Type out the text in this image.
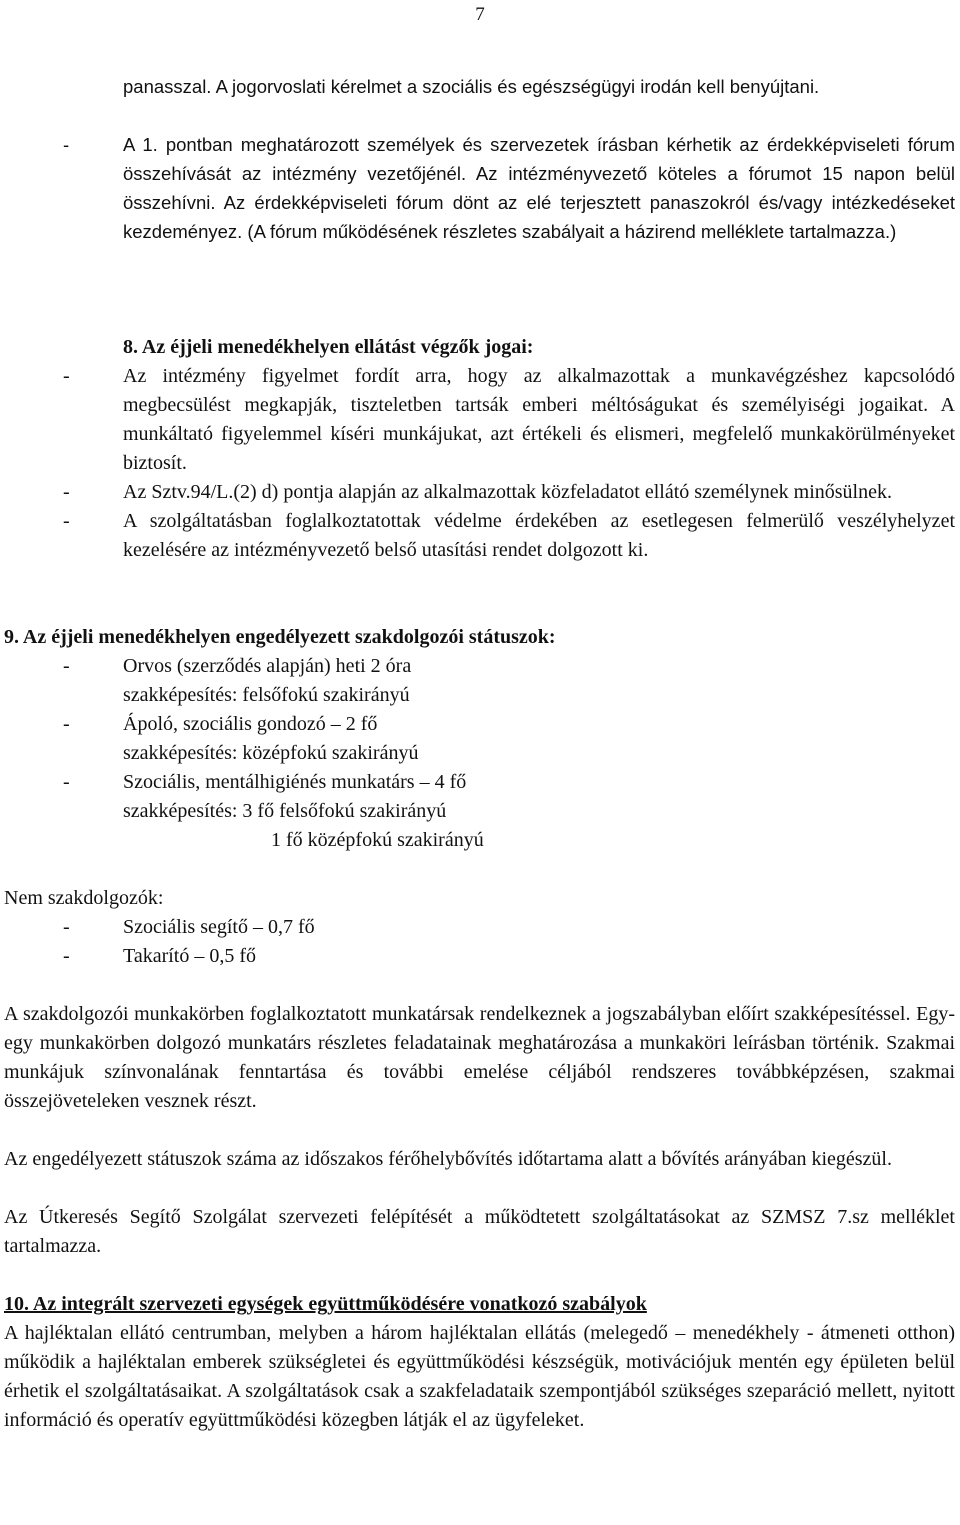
7

panasszal. A jogorvoslati kérelmet a szociális és egészségügyi irodán kell benyújtani.

-	A 1. pontban meghatározott személyek és szervezetek írásban kérhetik az érdekképviseleti fórum összehívását az intézmény vezetőjénél. Az intézményvezető köteles a fórumot 15 napon belül összehívni. Az érdekképviseleti fórum dönt az elé terjesztett panaszokról és/vagy intézkedéseket kezdeményez. (A fórum működésének részletes szabályait a házirend melléklete tartalmazza.)

8. Az éjjeli menedékhelyen ellátást végzők jogai:

-	Az intézmény figyelmet fordít arra, hogy az alkalmazottak a munkavégzéshez kapcsolódó megbecsülést megkapják, tiszteletben tartsák emberi méltóságukat és személyiségi jogaikat. A munkáltató figyelemmel kíséri munkájukat, azt értékeli és elismeri, megfelelő munkakörülményeket biztosít.
-	Az Sztv.94/L.(2) d) pontja alapján az alkalmazottak közfeladatot ellátó személynek minősülnek.
-	A szolgáltatásban foglalkoztatottak védelme érdekében az esetlegesen felmerülő veszélyhelyzet kezelésére az intézményvezető belső utasítási rendet dolgozott ki.

9. Az éjjeli menedékhelyen engedélyezett szakdolgozói státuszok:

-	Orvos (szerződés alapján) heti 2 óra
szakképesítés: felsőfokú szakirányú
-	Ápoló, szociális gondozó – 2 fő
szakképesítés: középfokú szakirányú
-	Szociális, mentálhigiénés munkatárs – 4 fő
szakképesítés: 3 fő felsőfokú szakirányú
1 fő középfokú szakirányú

Nem szakdolgozók:

-	Szociális segítő – 0,7 fő
-	Takarító – 0,5 fő

A szakdolgozói munkakörben foglalkoztatott munkatársak rendelkeznek a jogszabályban előírt szakképesítéssel. Egy-egy munkakörben dolgozó munkatárs részletes feladatainak meghatározása a munkaköri leírásban történik. Szakmai munkájuk színvonalának fenntartása és további emelése céljából rendszeres továbbképzésen, szakmai összejöveteleken vesznek részt.

Az engedélyezett státuszok száma az időszakos férőhelybővítés időtartama alatt a bővítés arányában kiegészül.

Az Útkeresés Segítő Szolgálat szervezeti felépítését a működtetett szolgáltatásokat az SZMSZ 7.sz melléklet tartalmazza.

10. Az integrált szervezeti egységek együttműködésére vonatkozó szabályok

A hajléktalan ellátó centrumban, melyben a három hajléktalan ellátás (melegedő – menedékhely - átmeneti otthon) működik a hajléktalan emberek szükségletei és együttműködési készségük, motivációjuk mentén egy épületen belül érhetik el szolgáltatásaikat. A szolgáltatások csak a szakfeladataik szempontjából szükséges szeparáció mellett, nyitott információ és operatív együttműködési közegben látják el az ügyfeleket.
